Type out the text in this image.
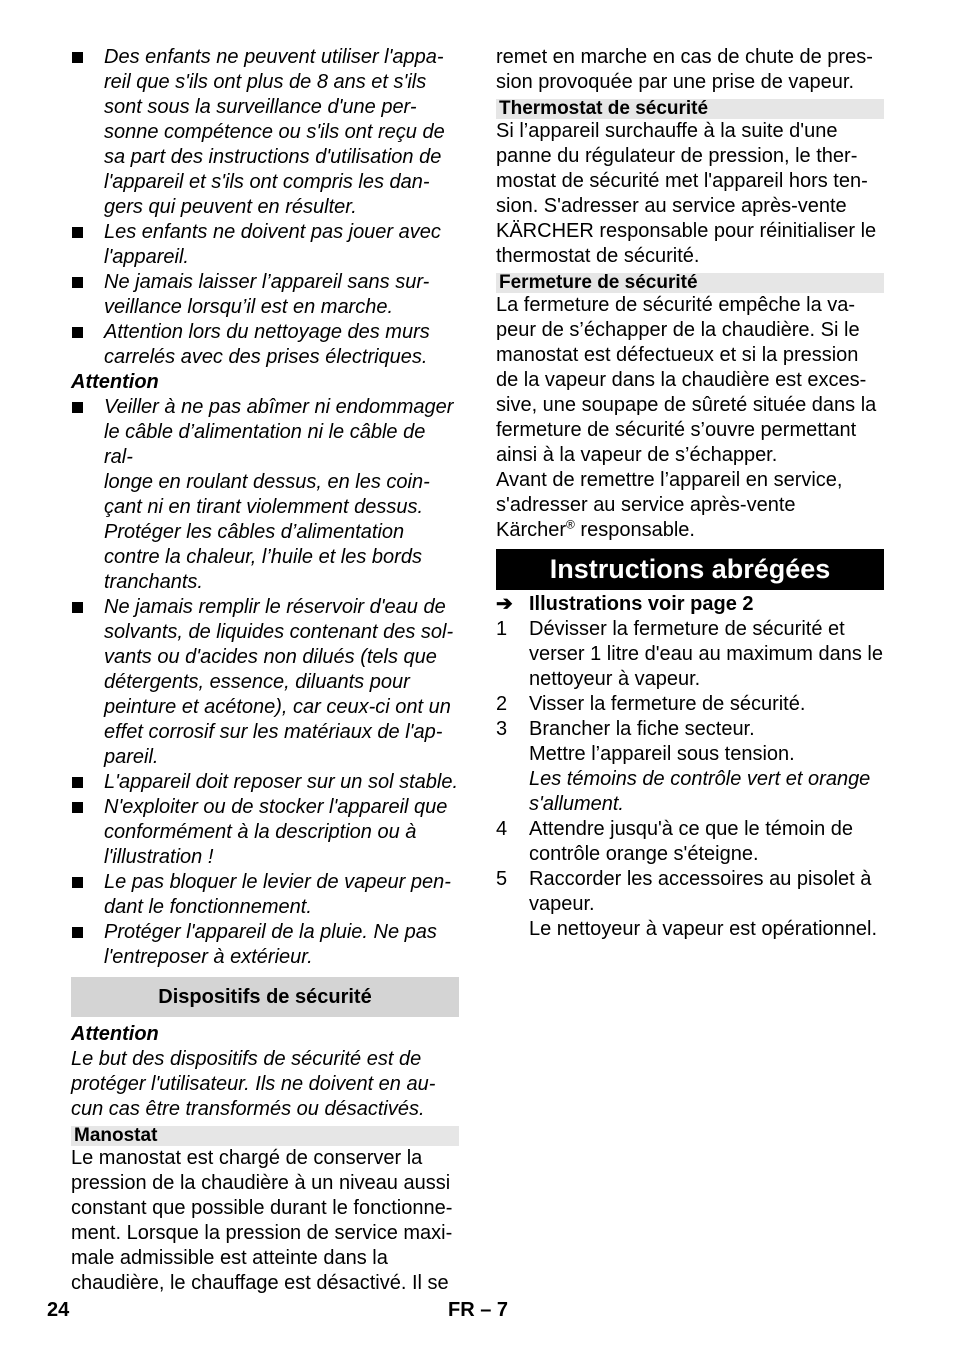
Des enfants ne peuvent utiliser l'appa-
reil que s'ils ont plus de 8 ans et s'ils
sont sous la surveillance d'une per-
sonne compétence ou s'ils ont reçu de
sa part des instructions d'utilisation de
l'appareil et s'ils ont compris les dan-
gers qui peuvent en résulter.
Les enfants ne doivent pas jouer avec
l'appareil.
Ne jamais laisser l’appareil sans sur-
veillance lorsqu’il est en marche.
Attention lors du nettoyage des murs
carrelés avec des prises électriques.
Attention
Veiller à ne pas abîmer ni endommager
le câble d’alimentation ni le câble de ral-
longe en roulant dessus, en les coin-
çant ni en tirant violemment dessus.
Protéger les câbles d’alimentation
contre la chaleur, l’huile et les bords
tranchants.
Ne jamais remplir le réservoir d'eau de
solvants, de liquides contenant des sol-
vants ou d'acides non dilués (tels que
détergents, essence, diluants pour
peinture et acétone), car ceux-ci ont un
effet corrosif sur les matériaux de l'ap-
pareil.
L'appareil doit reposer sur un sol stable.
N'exploiter ou de stocker l'appareil que
conformément à la description ou à
l'illustration !
Le pas bloquer le levier de vapeur pen-
dant le fonctionnement.
Protéger l'appareil de la pluie. Ne pas
l'entreposer à extérieur.
Dispositifs de sécurité
Attention
Le but des dispositifs de sécurité est de
protéger l'utilisateur. Ils ne doivent en au-
cun cas être transformés ou désactivés.
Manostat
Le manostat est chargé de conserver la
pression de la chaudière à un niveau aussi
constant que possible durant le fonctionne-
ment. Lorsque la pression de service maxi-
male admissible est atteinte dans la
chaudière, le chauffage est désactivé. Il se
remet en marche en cas de chute de pres-
sion provoquée par une prise de vapeur.
Thermostat de sécurité
Si l’appareil surchauffe à la suite d'une
panne du régulateur de pression, le ther-
mostat de sécurité met l'appareil hors ten-
sion. S'adresser au service après-vente
KÄRCHER responsable pour réinitialiser le
thermostat de sécurité.
Fermeture de sécurité
La fermeture de sécurité empêche la va-
peur de s’échapper de la chaudière. Si le
manostat est défectueux et si la pression
de la vapeur dans la chaudière est exces-
sive, une soupape de sûreté située dans la
fermeture de sécurité s’ouvre permettant
ainsi à la vapeur de s’échapper.
Avant de remettre l’appareil en service,
s'adresser au service après-vente
Kärcher® responsable.
Instructions abrégées
➔ Illustrations voir page 2
1 Dévisser la fermeture de sécurité et
verser 1 litre d'eau au maximum dans le
nettoyeur à vapeur.
2 Visser la fermeture de sécurité.
3 Brancher la fiche secteur.
Mettre l’appareil sous tension.
Les témoins de contrôle vert et orange
s'allument.
4 Attendre jusqu'à ce que le témoin de
contrôle orange s'éteigne.
5 Raccorder les accessoires au pisolet à
vapeur.
Le nettoyeur à vapeur est opérationnel.
24	FR – 7
